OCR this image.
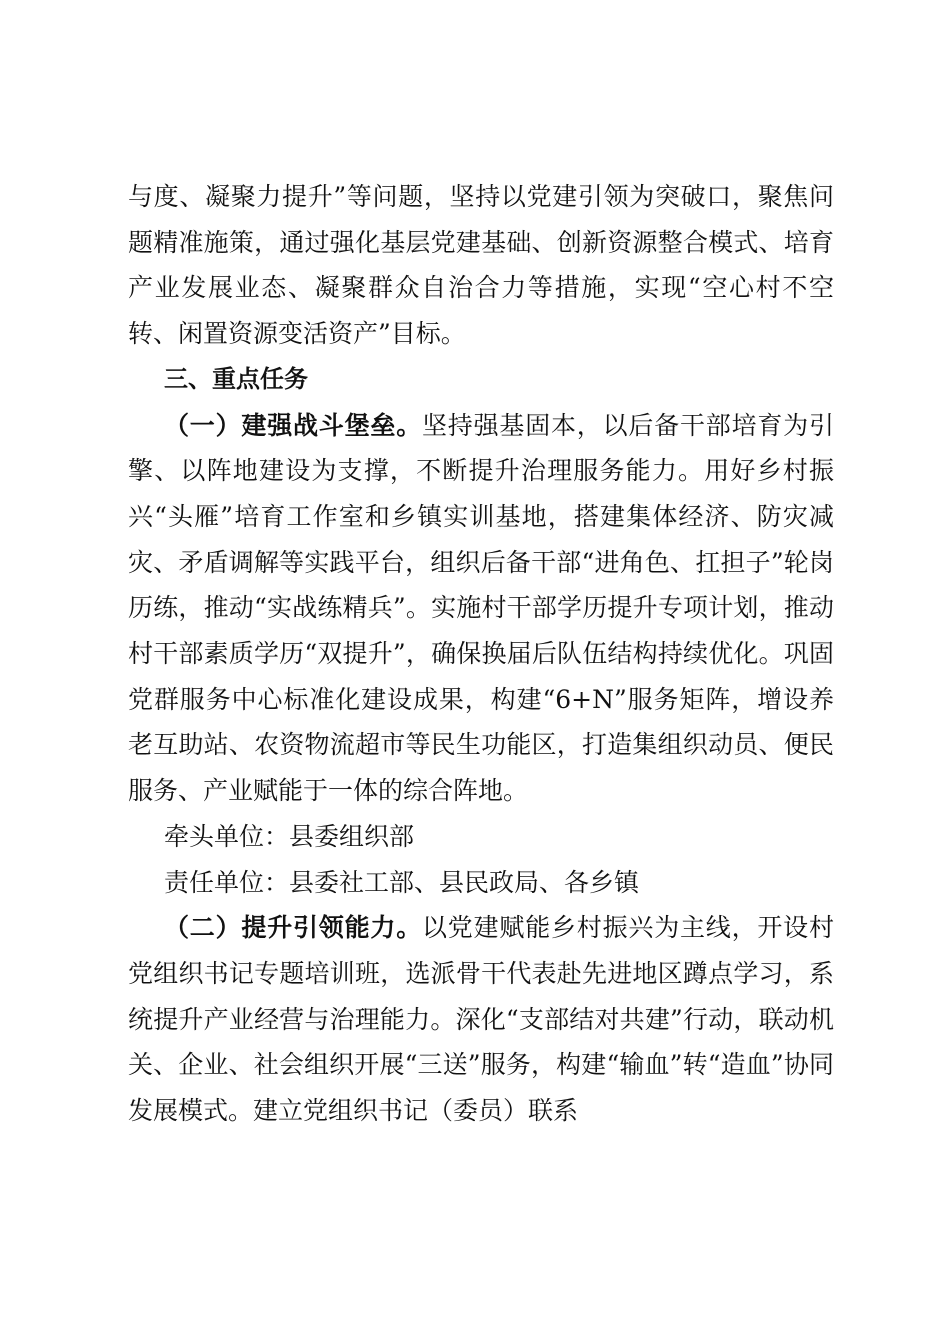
与度、凝聚力提升”等问题，坚持以党建引领为突破口，聚焦问题精准施策，通过强化基层党建基础、创新资源整合模式、培育产业发展业态、凝聚群众自治合力等措施，实现“空心村不空转、闲置资源变活资产”目标。

三、重点任务

（一）建强战斗堡垒。坚持强基固本，以后备干部培育为引擎、以阵地建设为支撑，不断提升治理服务能力。用好乡村振兴“头雁”培育工作室和乡镇实训基地，搭建集体经济、防灾减灾、矛盾调解等实践平台，组织后备干部“进角色、扛担子”轮岗历练，推动“实战练精兵”。实施村干部学历提升专项计划，推动村干部素质学历“双提升”，确保换届后队伍结构持续优化。巩固党群服务中心标准化建设成果，构建“6+N”服务矩阵，增设养老互助站、农资物流超市等民生功能区，打造集组织动员、便民服务、产业赋能于一体的综合阵地。

牵头单位：县委组织部

责任单位：县委社工部、县民政局、各乡镇

（二）提升引领能力。以党建赋能乡村振兴为主线，开设村党组织书记专题培训班，选派骨干代表赴先进地区蹲点学习，系统提升产业经营与治理能力。深化“支部结对共建”行动，联动机关、企业、社会组织开展“三送”服务，构建“输血”转“造血”协同发展模式。建立党组织书记（委员）联系
